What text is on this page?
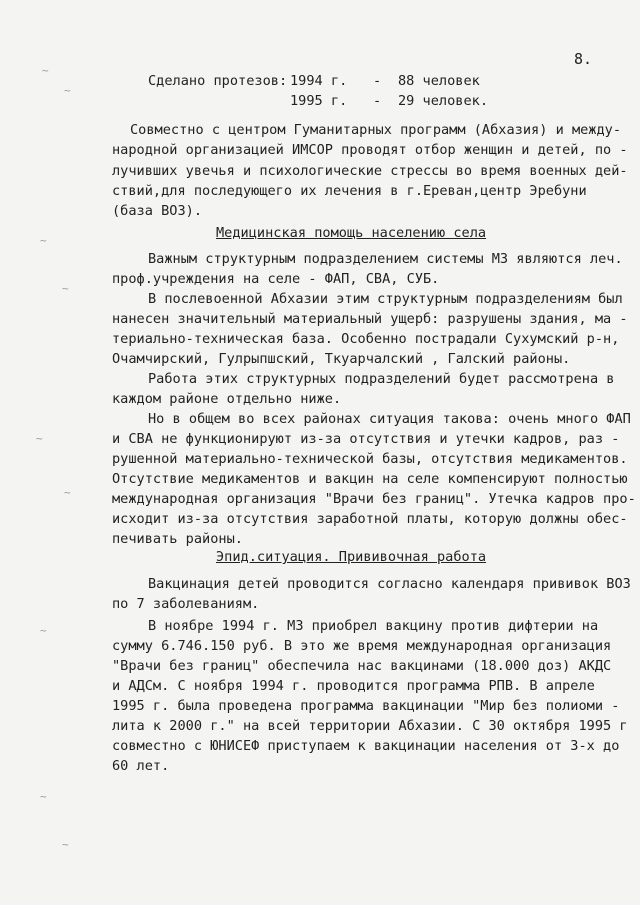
8.
Сделано протезов: 1994 г. - 88 человек
1995 г. - 29 человек.
Совместно с центром Гуманитарных программ (Абхазия) и между-
народной организацией ИМСОР проводят отбор женщин и детей, по -
лучивших увечья и психологические стрессы во время военных дей-
ствий,для последующего их лечения в г.Ереван,центр Эребуни
(база ВОЗ).
Медицинская помощь населению села
Важным структурным подразделением системы МЗ являются леч.
проф.учреждения на селе - ФАП, СВА, СУБ.
В послевоенной Абхазии этим структурным подразделениям был
нанесен значительный материальный ущерб: разрушены здания, ма -
териально-техническая база. Особенно пострадали Сухумский р-н,
Очамчирский, Гулрыпшский, Ткуарчалский , Галский районы.
Работа этих структурных подразделений будет рассмотрена в
каждом районе отдельно ниже.
Но в общем во всех районах ситуация такова: очень много ФАП
и СВА не функционируют из-за отсутствия и утечки кадров, раз -
рушенной материально-технической базы, отсутствия медикаментов.
Отсутствие медикаментов и вакцин на селе компенсируют полностью
международная организация "Врачи без границ". Утечка кадров про-
исходит из-за отсутствия заработной платы, которую должны обес-
печивать районы.
Эпид.ситуация. Прививочная работа
Вакцинация детей проводится согласно календаря прививок ВОЗ
по 7 заболеваниям.
В ноябре 1994 г. МЗ приобрел вакцину против дифтерии на
сумму 6.746.150 руб. В это же время международная организация
"Врачи без границ" обеспечила нас вакцинами (18.000 доз) АКДС
и АДСм. С ноября 1994 г. проводится программа РПВ. В апреле
1995 г. была проведена программа вакцинации "Мир без полиоми -
лита к 2000 г." на всей территории Абхазии. С 30 октября 1995 г
совместно с ЮНИСЕФ приступаем к вакцинации населения от 3-х до
60 лет.
~
~
~
~
~
~
~
~
~
